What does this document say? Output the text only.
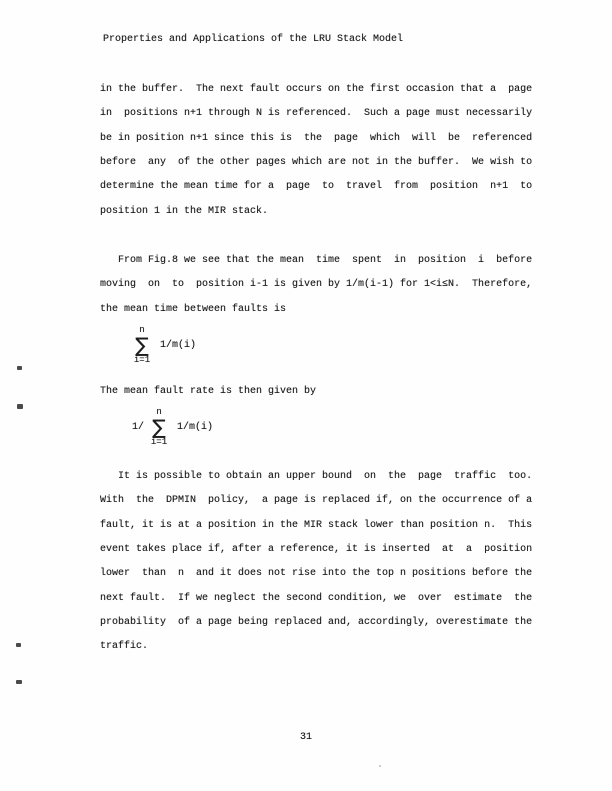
Properties and Applications of the LRU Stack Model
in the buffer.  The next fault occurs on the first occasion that a  page
in  positions n+1 through N is referenced.  Such a page must necessarily
be in position n+1 since this is  the  page  which  will  be  referenced
before  any  of the other pages which are not in the buffer.  We wish to
determine the mean time for a  page  to  travel  from  position  n+1  to
position 1 in the MIR stack.
From Fig.8 we see that the mean  time  spent  in  position  i  before
moving  on  to  position i-1 is given by 1/m(i-1) for 1<i≤N.  Therefore,
the mean time between faults is
n
∑
i=1
1/m(i)
The mean fault rate is then given by
1/
n
∑
i=1
1/m(i)
It is possible to obtain an upper bound  on  the  page  traffic  too.
With  the  DPMIN  policy,  a page is replaced if, on the occurrence of a
fault, it is at a position in the MIR stack lower than position n.  This
event takes place if, after a reference, it is inserted  at  a  position
lower  than  n  and it does not rise into the top n positions before the
next fault.  If we neglect the second condition, we  over  estimate  the
probability  of a page being replaced and, accordingly, overestimate the
traffic.
31
